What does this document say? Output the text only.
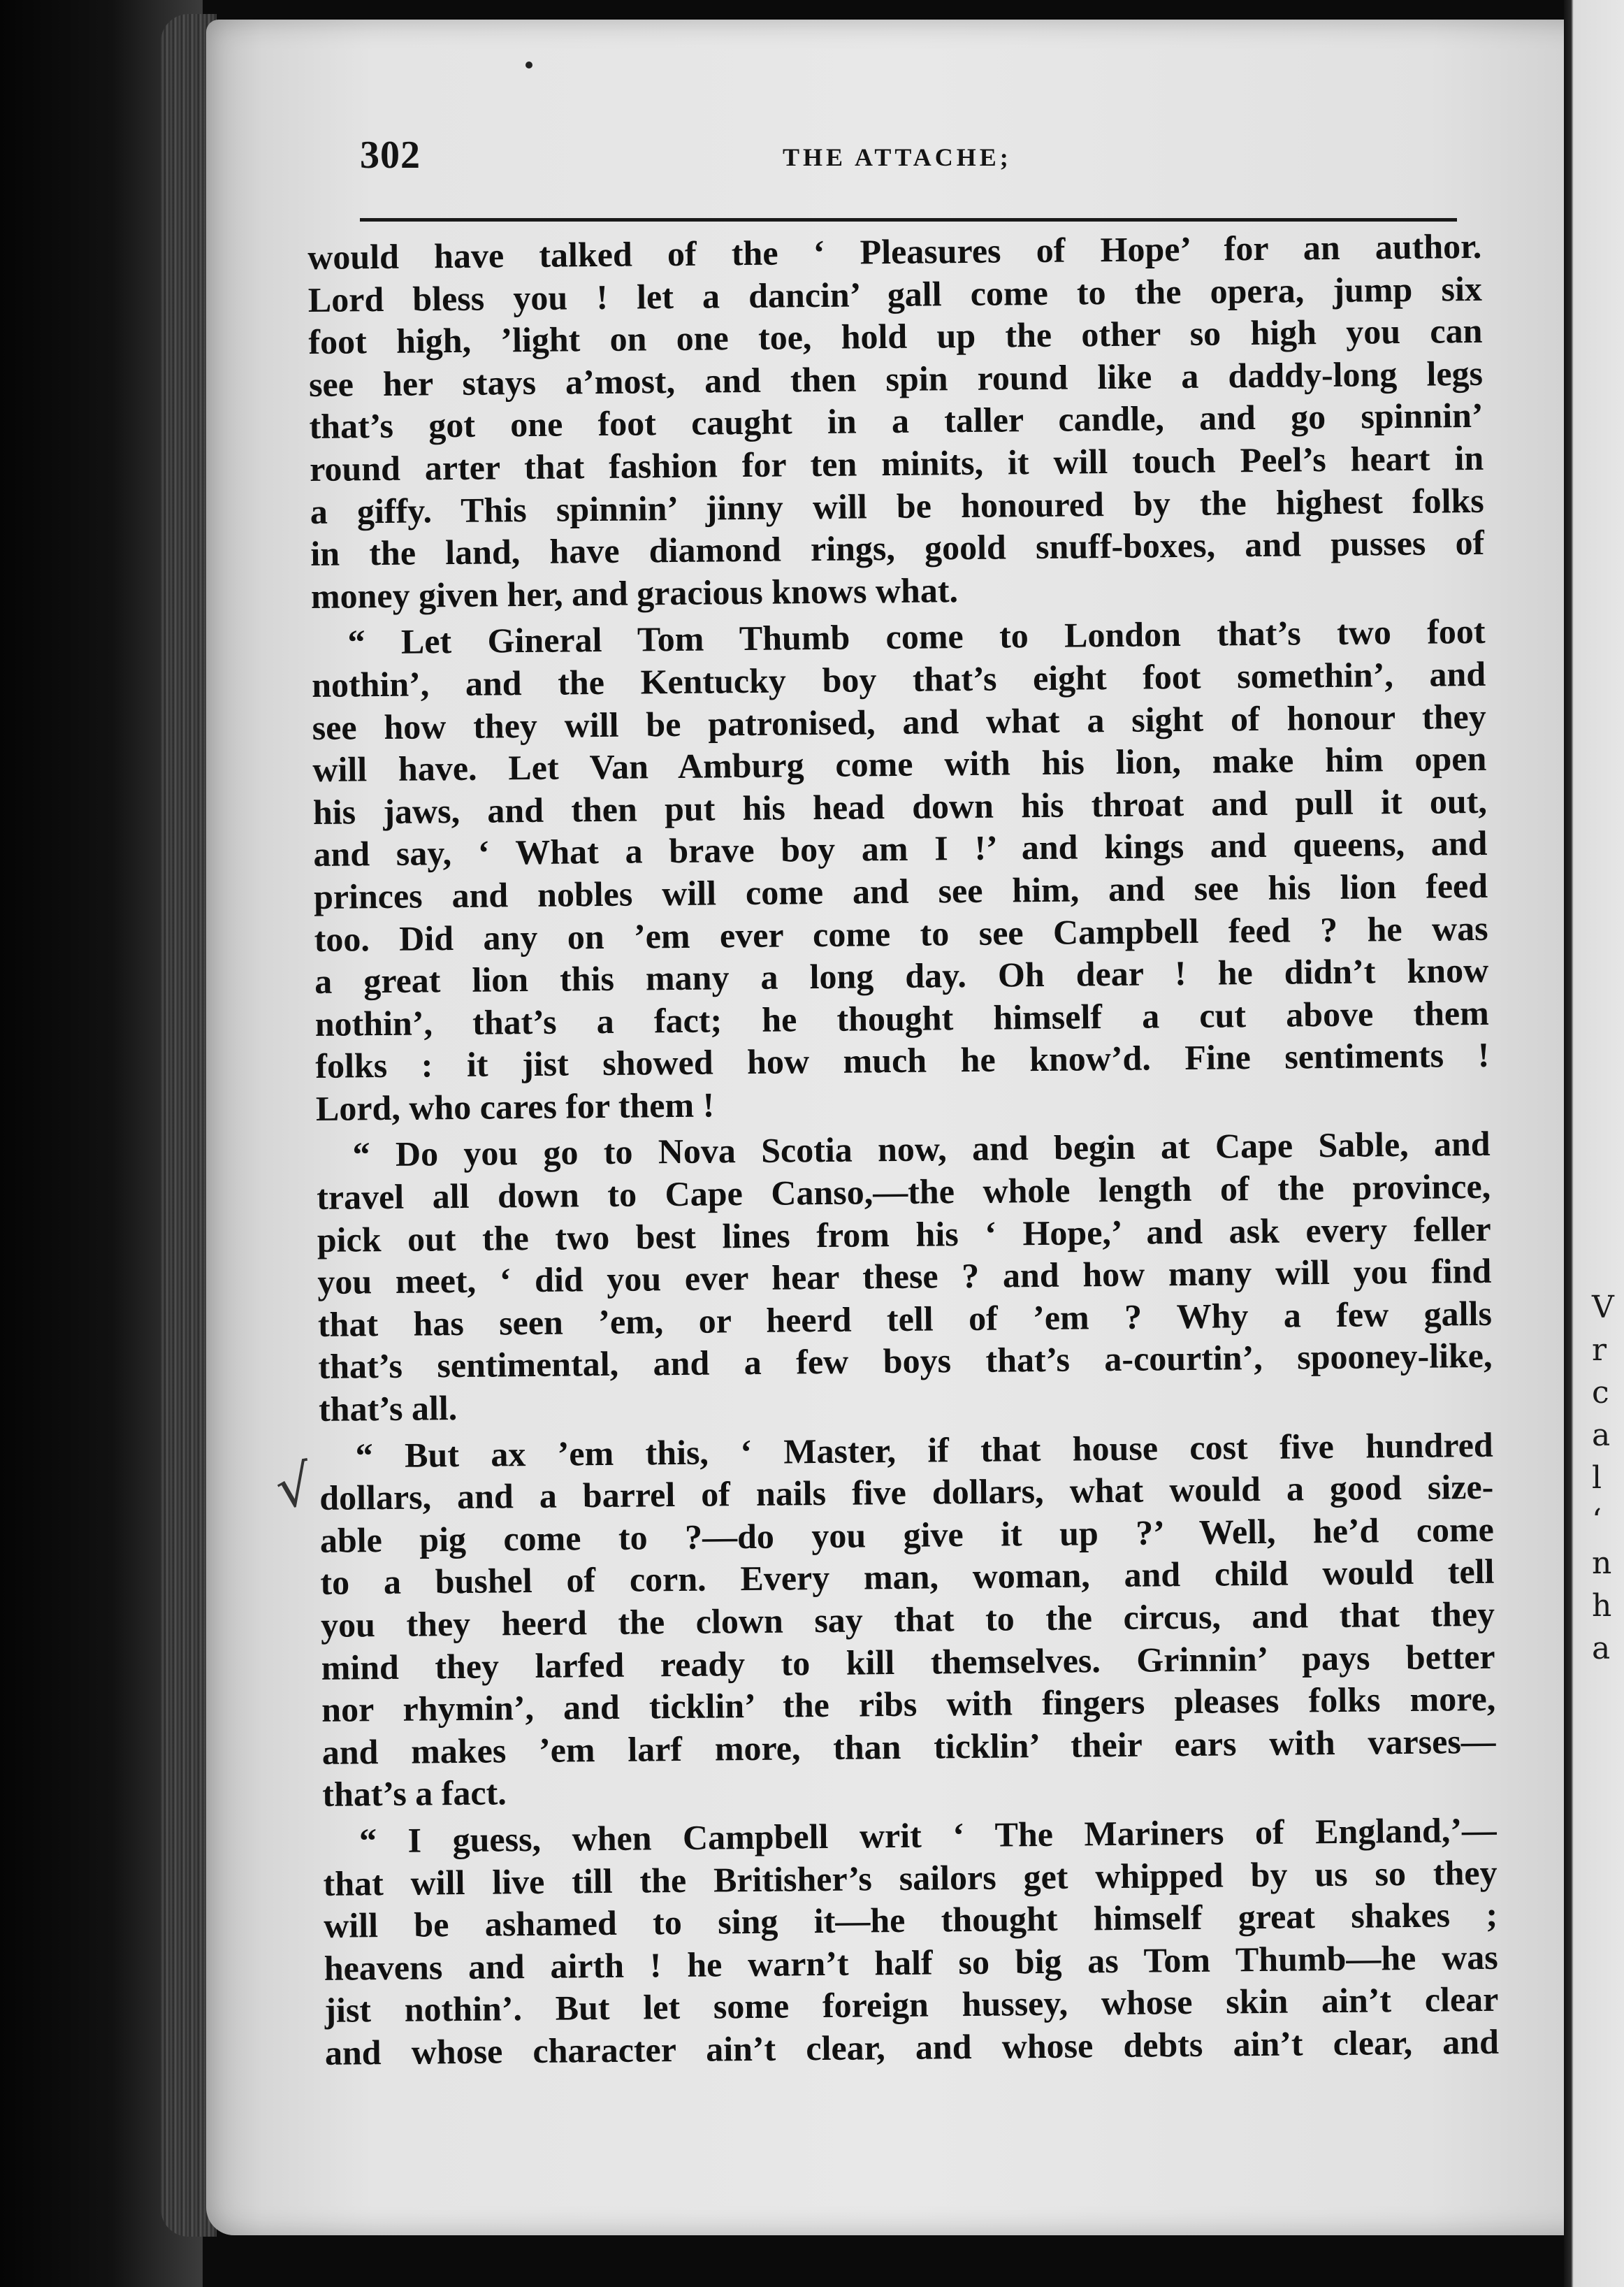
302	THE ATTACHE;
would have talked of the ‘ Pleasures of Hope’ for an author.
Lord bless you ! let a dancin’ gall come to the opera, jump six
foot high, ’light on one toe, hold up the other so high you can
see her stays a’most, and then spin round like a daddy-long legs
that’s got one foot caught in a taller candle, and go spinnin’
round arter that fashion for ten minits, it will touch Peel’s heart in
a giffy. This spinnin’ jinny will be honoured by the highest folks
in the land, have diamond rings, goold snuff-boxes, and pusses of
money given her, and gracious knows what.
“ Let Gineral Tom Thumb come to London that’s two foot
nothin’, and the Kentucky boy that’s eight foot somethin’, and
see how they will be patronised, and what a sight of honour they
will have. Let Van Amburg come with his lion, make him open
his jaws, and then put his head down his throat and pull it out,
and say, ‘ What a brave boy am I !’ and kings and queens, and
princes and nobles will come and see him, and see his lion feed
too. Did any on ’em ever come to see Campbell feed ? he was
a great lion this many a long day. Oh dear ! he didn’t know
nothin’, that’s a fact; he thought himself a cut above them
folks : it jist showed how much he know’d. Fine sentiments !
Lord, who cares for them !
“ Do you go to Nova Scotia now, and begin at Cape Sable, and
travel all down to Cape Canso,—the whole length of the province,
pick out the two best lines from his ‘ Hope,’ and ask every feller
you meet, ‘ did you ever hear these ? and how many will you find
that has seen ’em, or heerd tell of ’em ? Why a few galls
that’s sentimental, and a few boys that’s a-courtin’, spooney-like,
that’s all.
“ But ax ’em this, ‘ Master, if that house cost five hundred
dollars, and a barrel of nails five dollars, what would a good size-
able pig come to ?—do you give it up ?’ Well, he’d come
to a bushel of corn. Every man, woman, and child would tell
you they heerd the clown say that to the circus, and that they
mind they larfed ready to kill themselves. Grinnin’ pays better
nor rhymin’, and ticklin’ the ribs with fingers pleases folks more,
and makes ’em larf more, than ticklin’ their ears with varses—
that’s a fact.
“ I guess, when Campbell writ ‘ The Mariners of England,’—
that will live till the Britisher’s sailors get whipped by us so they
will be ashamed to sing it—he thought himself great shakes ;
heavens and airth ! he warn’t half so big as Tom Thumb—he was
jist nothin’. But let some foreign hussey, whose skin ain’t clear
and whose character ain’t clear, and whose debts ain’t clear, and
√
V
r
c
a
l
‘
n
h
a
